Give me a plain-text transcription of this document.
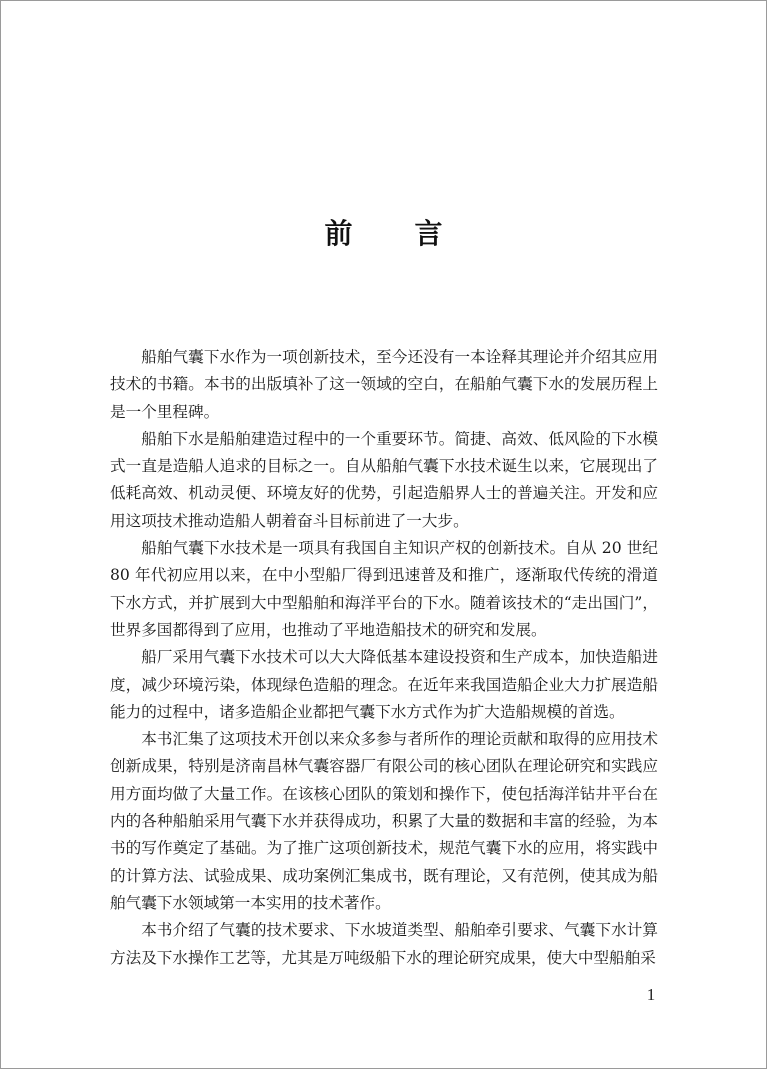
前言

船舶气囊下水作为一项创新技术，至今还没有一本诠释其理论并介绍其应用技术的书籍。本书的出版填补了这一领域的空白，在船舶气囊下水的发展历程上是一个里程碑。

船舶下水是船舶建造过程中的一个重要环节。简捷、高效、低风险的下水模式一直是造船人追求的目标之一。自从船舶气囊下水技术诞生以来，它展现出了低耗高效、机动灵便、环境友好的优势，引起造船界人士的普遍关注。开发和应用这项技术推动造船人朝着奋斗目标前进了一大步。

船舶气囊下水技术是一项具有我国自主知识产权的创新技术。自从 20 世纪 80 年代初应用以来，在中小型船厂得到迅速普及和推广，逐渐取代传统的滑道下水方式，并扩展到大中型船舶和海洋平台的下水。随着该技术的“走出国门”，世界多国都得到了应用，也推动了平地造船技术的研究和发展。

船厂采用气囊下水技术可以大大降低基本建设投资和生产成本，加快造船进度，减少环境污染，体现绿色造船的理念。在近年来我国造船企业大力扩展造船能力的过程中，诸多造船企业都把气囊下水方式作为扩大造船规模的首选。

本书汇集了这项技术开创以来众多参与者所作的理论贡献和取得的应用技术创新成果，特别是济南昌林气囊容器厂有限公司的核心团队在理论研究和实践应用方面均做了大量工作。在该核心团队的策划和操作下，使包括海洋钻井平台在内的各种船舶采用气囊下水并获得成功，积累了大量的数据和丰富的经验，为本书的写作奠定了基础。为了推广这项创新技术，规范气囊下水的应用，将实践中的计算方法、试验成果、成功案例汇集成书，既有理论，又有范例，使其成为船舶气囊下水领域第一本实用的技术著作。

本书介绍了气囊的技术要求、下水坡道类型、船舶牵引要求、气囊下水计算方法及下水操作工艺等，尤其是万吨级船下水的理论研究成果，使大中型船舶采

1
